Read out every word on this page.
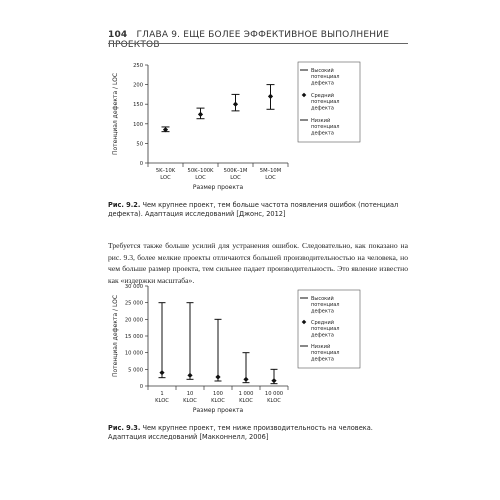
104 ГЛАВА 9. ЕЩЕ БОЛЕЕ ЭФФЕКТИВНОЕ ВЫПОЛНЕНИЕ ПРОЕКТОВ
0
50
100
150
200
250
5K–10K
LOC
50K–100K
LOC
500K–1M
LOC
5M–10M
LOC
Размер проекта
Потенциал дефекта / LOC
Высокий
потенциал
дефекта
Средний
потенциал
дефекта
Низкий
потенциал
дефекта
Рис. 9.2. Чем крупнее проект, тем больше частота появления ошибок (потенциал дефекта). Адаптация исследований [Джонс, 2012]
Требуется также больше усилий для устранения ошибок. Следовательно, как показано на рис. 9.3, более мелкие проекты отличаются большей производительностью на человека, но чем больше размер проекта, тем сильнее падает производительность. Это явление известно как «издержки масштаба».
0
5 000
10 000
15 000
20 000
25 000
30 000
1
KLOC
10
KLOC
100
KLOC
1 000
KLOC
10 000
KLOC
Размер проекта
Потенциал дефекта / LOC	Высокий
потенциал
дефекта
Средний
потенциал
дефекта
Низкий
потенциал
дефекта
Рис. 9.3. Чем крупнее проект, тем ниже производительность на человека. Адаптация исследований [Макконнелл, 2006]
